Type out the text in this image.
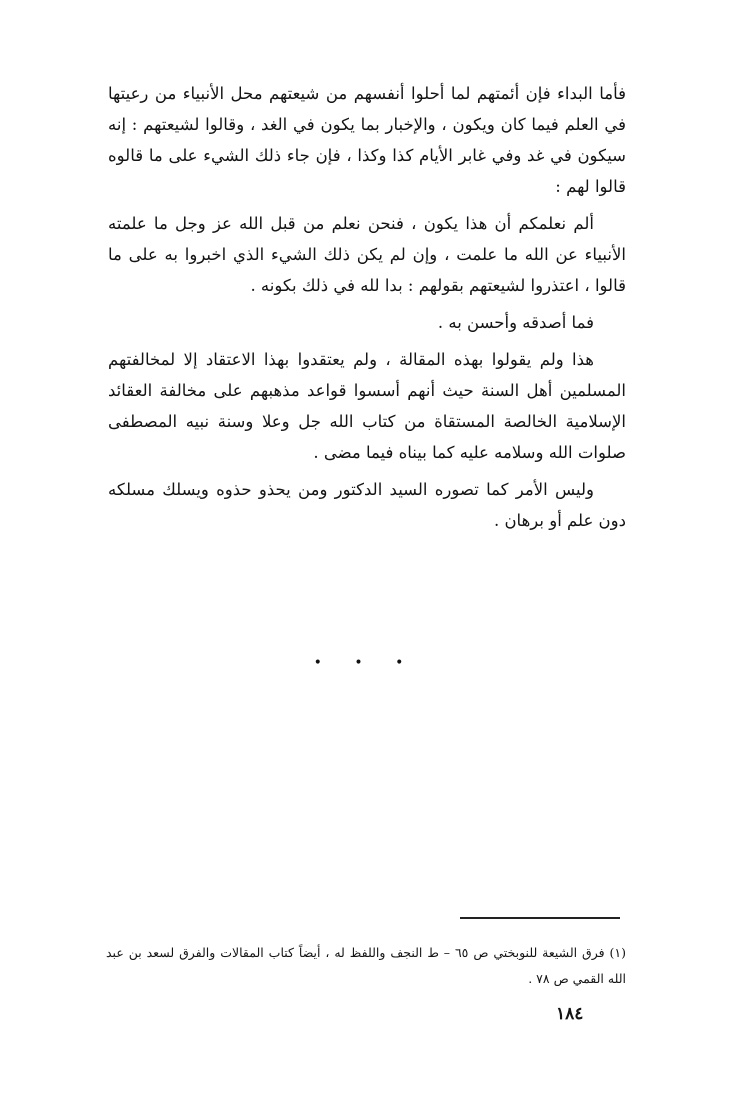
فأما البداء فإن أئمتهم لما أحلوا أنفسهم من شيعتهم محل الأنبياء من رعيتها في العلم فيما كان ويكون ، والإخبار بما يكون في الغد ، وقالوا لشيعتهم : إنه سيكون في غد وفي غابر الأيام كذا وكذا ، فإن جاء ذلك الشيء على ما قالوه قالوا لهم :

ألم نعلمكم أن هذا يكون ، فنحن نعلم من قبل الله عز وجل ما علمته الأنبياء عن الله ما علمت ، وإن لم يكن ذلك الشيء الذي اخبروا به على ما قالوا ، اعتذروا لشيعتهم بقولهم : بدا لله في ذلك بكونه .

فما أصدقه وأحسن به .

هذا ولم يقولوا بهذه المقالة ، ولم يعتقدوا بهذا الاعتقاد إلا لمخالفتهم المسلمين أهل السنة حيث أنهم أسسوا قواعد مذهبهم على مخالفة العقائد الإسلامية الخالصة المستقاة من كتاب الله جل وعلا وسنة نبيه المصطفى صلوات الله وسلامه عليه كما بيناه فيما مضى .

وليس الأمر كما تصوره السيد الدكتور ومن يحذو حذوه ويسلك مسلكه دون علم أو برهان .

• • •
(١) فرق الشيعة للنوبختي ص ٦٥ – ط النجف واللفظ له ، أيضاً كتاب المقالات والفرق لسعد بن عبد الله القمي ص ٧٨ .
١٨٤
